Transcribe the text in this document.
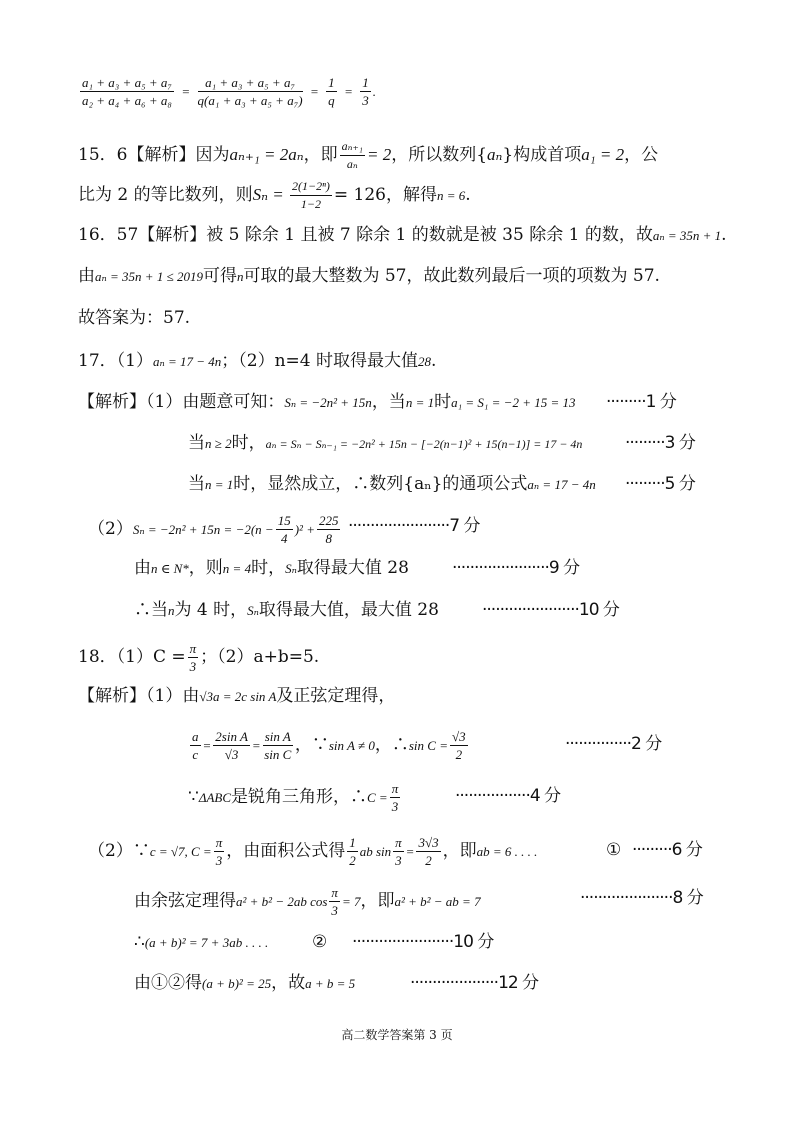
$\frac{\text{a₁ + a₃ + a₅ + a₇}}{\text{a₂ + a₄ + a₆ + a₈}} = \frac{\text{a₁ + a₃ + a₅ + a₇}}{\text{q(a₁ + a₃ + a₅ + a₇)}} = \frac{1}{q} = \frac{1}{3}$ .
15．6【解析】因为aₙ₊₁ = 2aₙ，即 $\frac{\text{aₙ₊₁}}{\text{aₙ}} = 2$，所以数列{aₙ}构成首项a₁ = 2，公
比为 2 的等比数列，则$S_n = \frac{\text{2(1−2ⁿ)}}{1-2} = 126$，解得n = 6.
16．57【解析】被 5 除余 1 且被 7 除余 1 的数就是被 35 除余 1 的数，故aₙ = 35n + 1.
由aₙ = 35n + 1 ≤ 2019可得n可取的最大整数为 57，故此数列最后一项的项数为 57.
故答案为：57.
17．（1）aₙ = 17 − 4n；（2）n=4 时取得最大值28.
【解析】（1）由题意可知：Sₙ = −2n² + 15n，当n = 1时a₁ = S₁ = −2 + 15 = 13 ·········1 分
当n ≥ 2时，aₙ = Sₙ − Sₙ₋₁ = −2n² + 15n − [−2(n−1)² + 15(n−1)] = 17 − 4n	·········3 分
当n = 1时，显然成立，∴数列{aₙ}的通项公式aₙ = 17 − 4n ·········5 分
$(2)S_n = -2n^2 + 15n = -2(n - \frac{15}{4} )^2 + \frac{225}{8} \cdot\cdot\cdot\cdot\cdot\cdot\cdot\cdot\cdot\cdot\cdot\cdot\cdot\cdot\cdot\cdot\cdot\cdot\cdot\cdot\cdot\cdot\cdot 7$ 分
由n ∈ N*，则n = 4时，Sₙ取得最大值 28	······················9 分
∴当n为 4 时，Sₙ取得最大值，最大值 28	······················10 分
18．$(1)C = \frac{\pi}{3}$ ；（2）a+b=5.
【解析】（1）由√3a = 2c sin A及正弦定理得，
$\frac{a}{c} = \frac{\text{2sin A}}{√3} = \frac{\text{sin A}}{\text{sin C}}$ ，∵sin A ≠ 0，∴sin $C = \frac{√3}{2}$	···············2 分
∵ΔABC是锐角三角形，∴C = $\frac{\pi}{3}$	·················4 分
（2）∵c = √7, $C = \frac{\pi}{3}$ ，由面积公式得 $\frac{1}{2}$ ab $\sin \frac{\pi}{3} = \frac{3√3}{2}$ ，即ab = 6 . . . .	① ·········6 分
由余弦定理得a² + b² − 2ab $\cos \frac{\pi}{3} = 7$，即a² + b² − ab = 7	·····················8 分
∴(a + b)² = 7 + 3ab . . . .	② ·······················10 分
由①②得(a + b)² = 25，故a + b = 5	····················12 分
高二数学答案第 3 页
